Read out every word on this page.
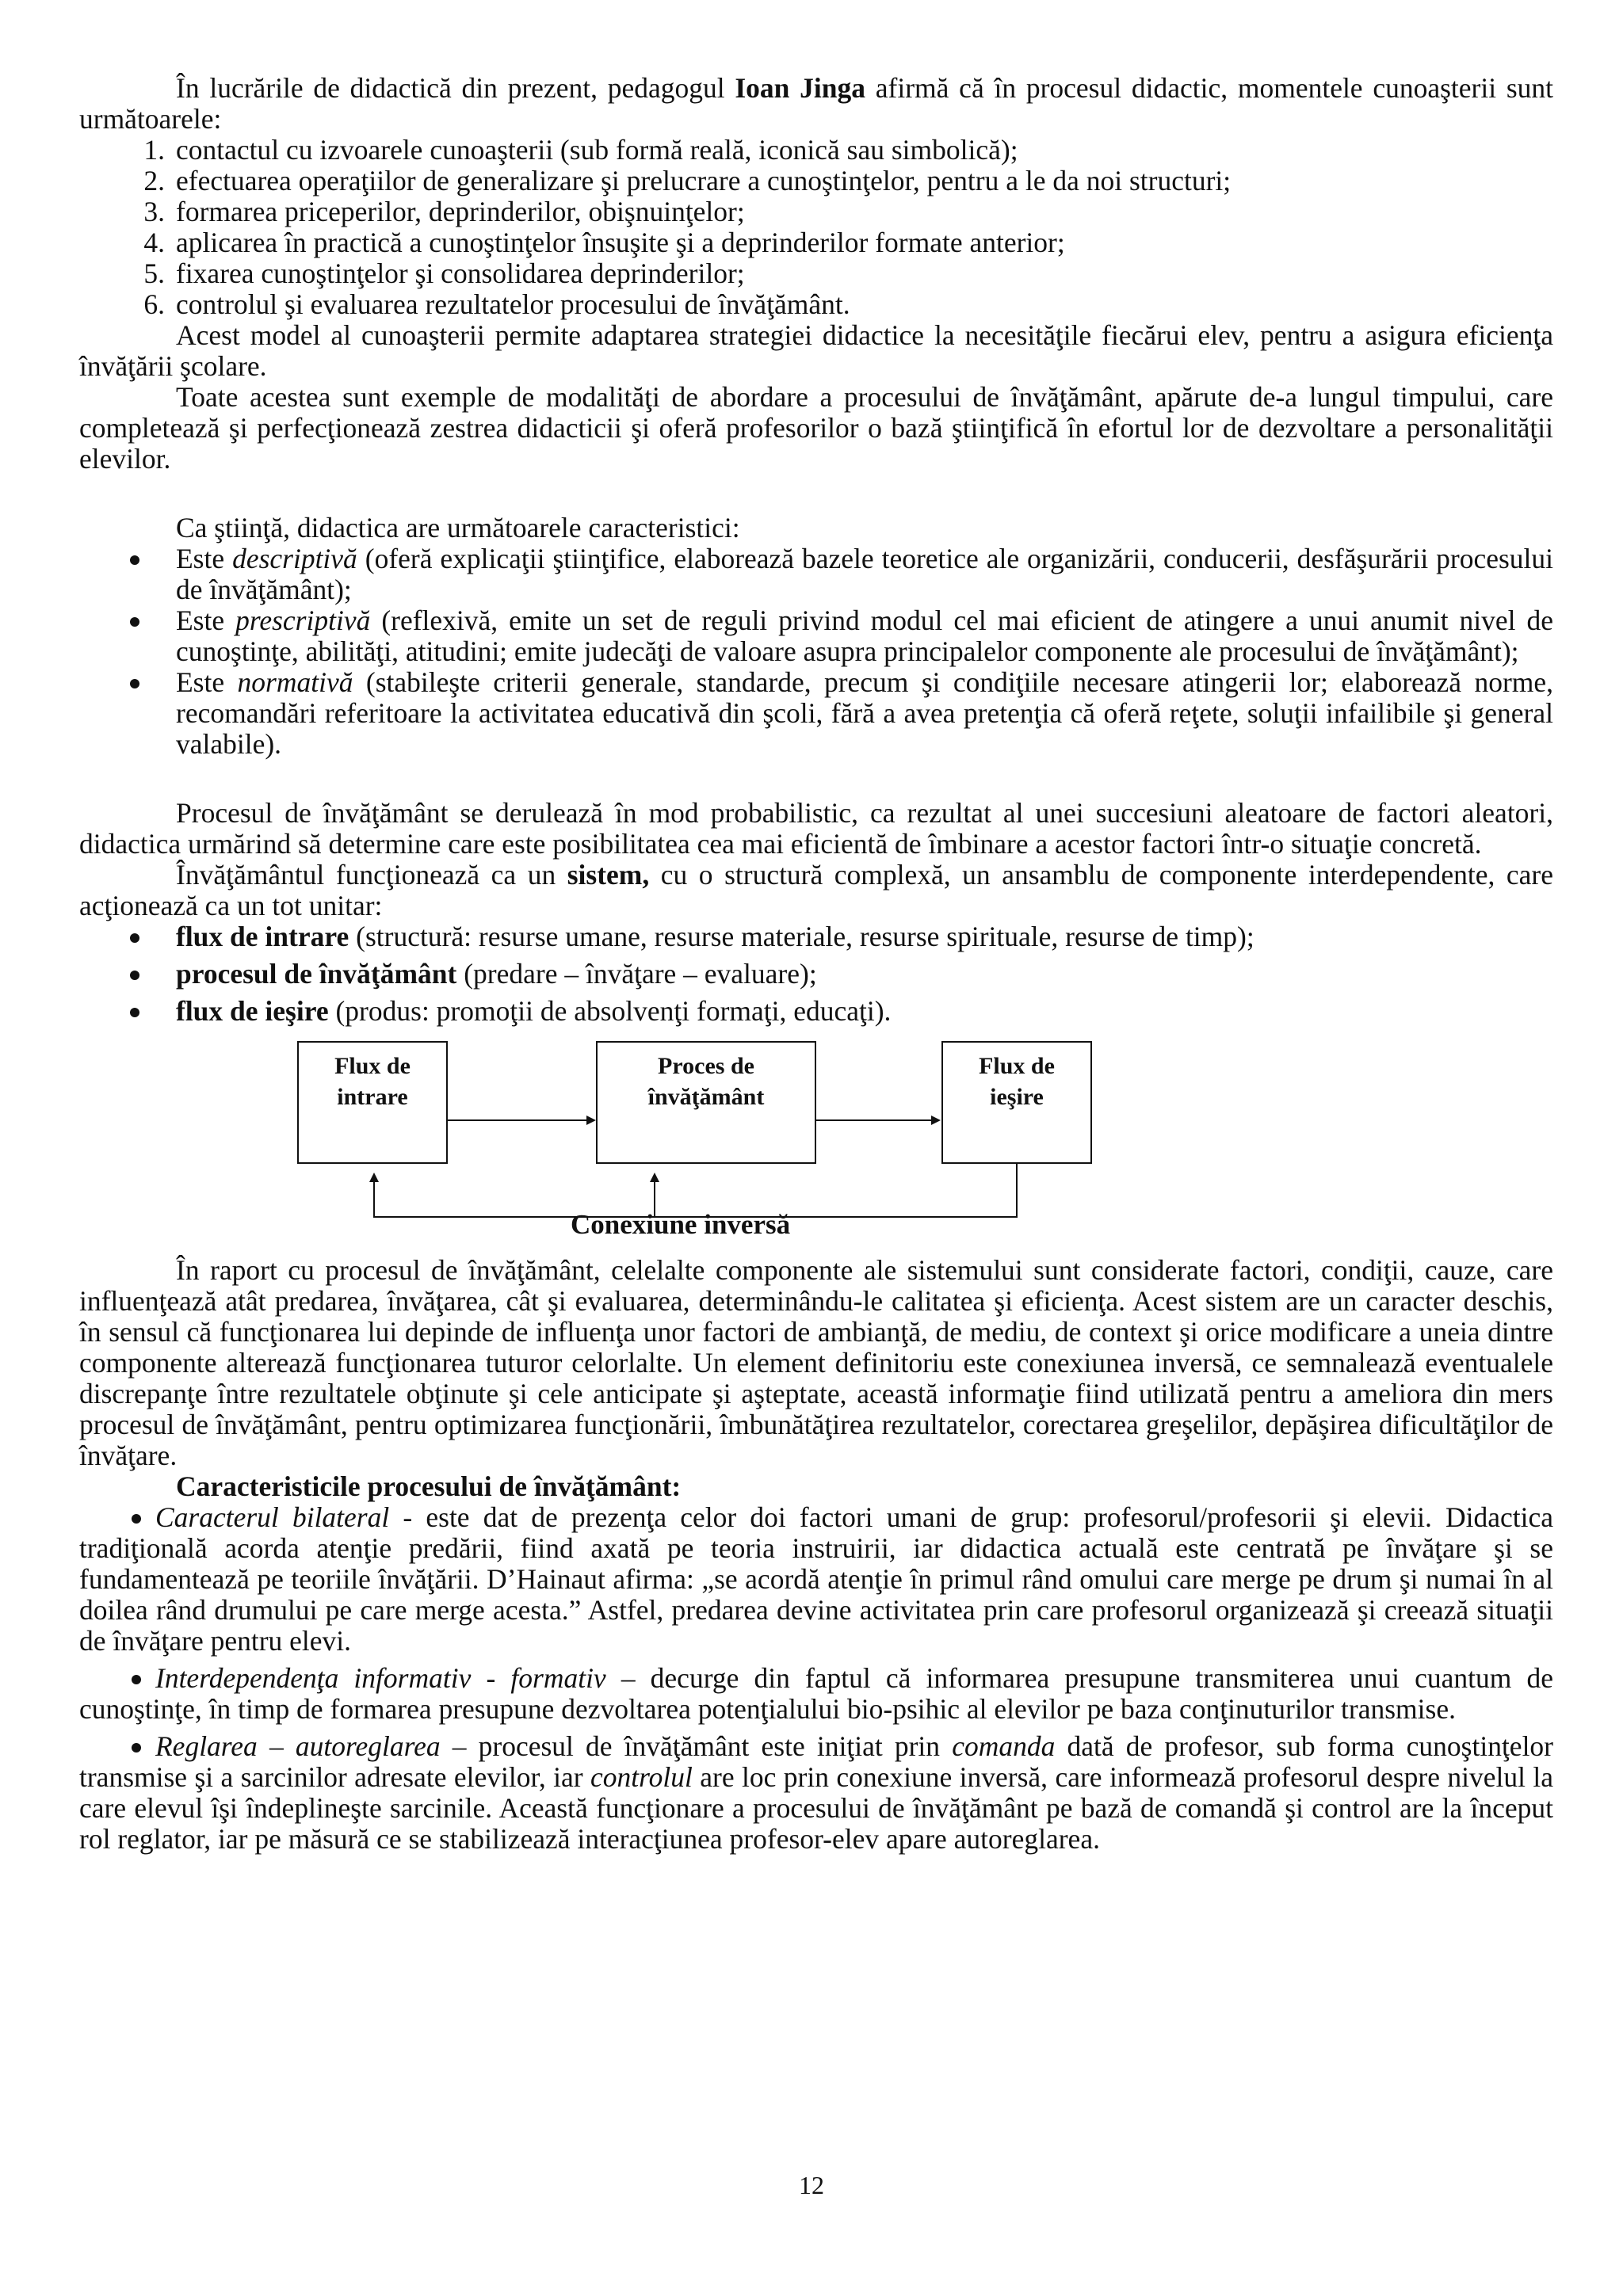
În lucrările de didactică din prezent, pedagogul Ioan Jinga afirmă că în procesul didactic, momentele cunoaşterii sunt următoarele:

1. contactul cu izvoarele cunoaşterii (sub formă reală, iconică sau simbolică);
2. efectuarea operaţiilor de generalizare şi prelucrare a cunoştinţelor, pentru a le da noi structuri;
3. formarea priceperilor, deprinderilor, obişnuinţelor;
4. aplicarea în practică a cunoştinţelor însuşite şi a deprinderilor formate anterior;
5. fixarea cunoştinţelor şi consolidarea deprinderilor;
6. controlul şi evaluarea rezultatelor procesului de învăţământ.

Acest model al cunoaşterii permite adaptarea strategiei didactice la necesităţile fiecărui elev, pentru a asigura eficienţa învăţării şcolare.

Toate acestea sunt exemple de modalităţi de abordare a procesului de învăţământ, apărute de-a lungul timpului, care completează şi perfecţionează zestrea didacticii şi oferă profesorilor o bază ştiinţifică în efortul lor de dezvoltare a personalităţii elevilor.

Ca ştiinţă, didactica are următoarele caracteristici:

Este descriptivă (oferă explicaţii ştiinţifice, elaborează bazele teoretice ale organizării, conducerii, desfăşurării procesului de învăţământ);
Este prescriptivă (reflexivă, emite un set de reguli privind modul cel mai eficient de atingere a unui anumit nivel de cunoştinţe, abilităţi, atitudini; emite judecăţi de valoare asupra principalelor componente ale procesului de învăţământ);
Este normativă (stabileşte criterii generale, standarde, precum şi condiţiile necesare atingerii lor; elaborează norme, recomandări referitoare la activitatea educativă din şcoli, fără a avea pretenţia că oferă reţete, soluţii infailibile şi general valabile).

Procesul de învăţământ se derulează în mod probabilistic, ca rezultat al unei succesiuni aleatoare de factori aleatori, didactica urmărind să determine care este posibilitatea cea mai eficientă de îmbinare a acestor factori într-o situaţie concretă.

Învăţământul funcţionează ca un sistem, cu o structură complexă, un ansamblu de componente interdependente, care acţionează ca un tot unitar:

flux de intrare (structură: resurse umane, resurse materiale, resurse spirituale, resurse de timp);
procesul de învăţământ (predare – învăţare – evaluare);
flux de ieşire (produs: promoţii de absolvenţi formaţi, educaţi).
Flux de
intrare
Proces de
învăţământ
Flux de
ieşire
Conexiune inversă

În raport cu procesul de învăţământ, celelalte componente ale sistemului sunt considerate factori, condiţii, cauze, care influenţează atât predarea, învăţarea, cât şi evaluarea, determinându-le calitatea şi eficienţa. Acest sistem are un caracter deschis, în sensul că funcţionarea lui depinde de influenţa unor factori de ambianţă, de mediu, de context şi orice modificare a uneia dintre componente alterează funcţionarea tuturor celorlalte. Un element definitoriu este conexiunea inversă, ce semnalează eventualele discrepanţe între rezultatele obţinute şi cele anticipate şi aşteptate, această informaţie fiind utilizată pentru a ameliora din mers procesul de învăţământ, pentru optimizarea funcţionării, îmbunătăţirea rezultatelor, corectarea greşelilor, depăşirea dificultăţilor de învăţare.

Caracteristicile procesului de învăţământ:

Caracterul bilateral - este dat de prezenţa celor doi factori umani de grup: profesorul/profesorii şi elevii. Didactica tradiţională acorda atenţie predării, fiind axată pe teoria instruirii, iar didactica actuală este centrată pe învăţare şi se fundamentează pe teoriile învăţării. D’Hainaut afirma: „se acordă atenţie în primul rând omului care merge pe drum şi numai în al doilea rând drumului pe care merge acesta.” Astfel, predarea devine activitatea prin care profesorul organizează şi creează situaţii de învăţare pentru elevi.

Interdependenţa informativ - formativ – decurge din faptul că informarea presupune transmiterea unui cuantum de cunoştinţe, în timp de formarea presupune dezvoltarea potenţialului bio-psihic al elevilor pe baza conţinuturilor transmise.

Reglarea – autoreglarea – procesul de învăţământ este iniţiat prin comanda dată de profesor, sub forma cunoştinţelor transmise şi a sarcinilor adresate elevilor, iar controlul are loc prin conexiune inversă, care informează profesorul despre nivelul la care elevul îşi îndeplineşte sarcinile. Această funcţionare a procesului de învăţământ pe bază de comandă şi control are la început rol reglator, iar pe măsură ce se stabilizează interacţiunea profesor-elev apare autoreglarea.

12
